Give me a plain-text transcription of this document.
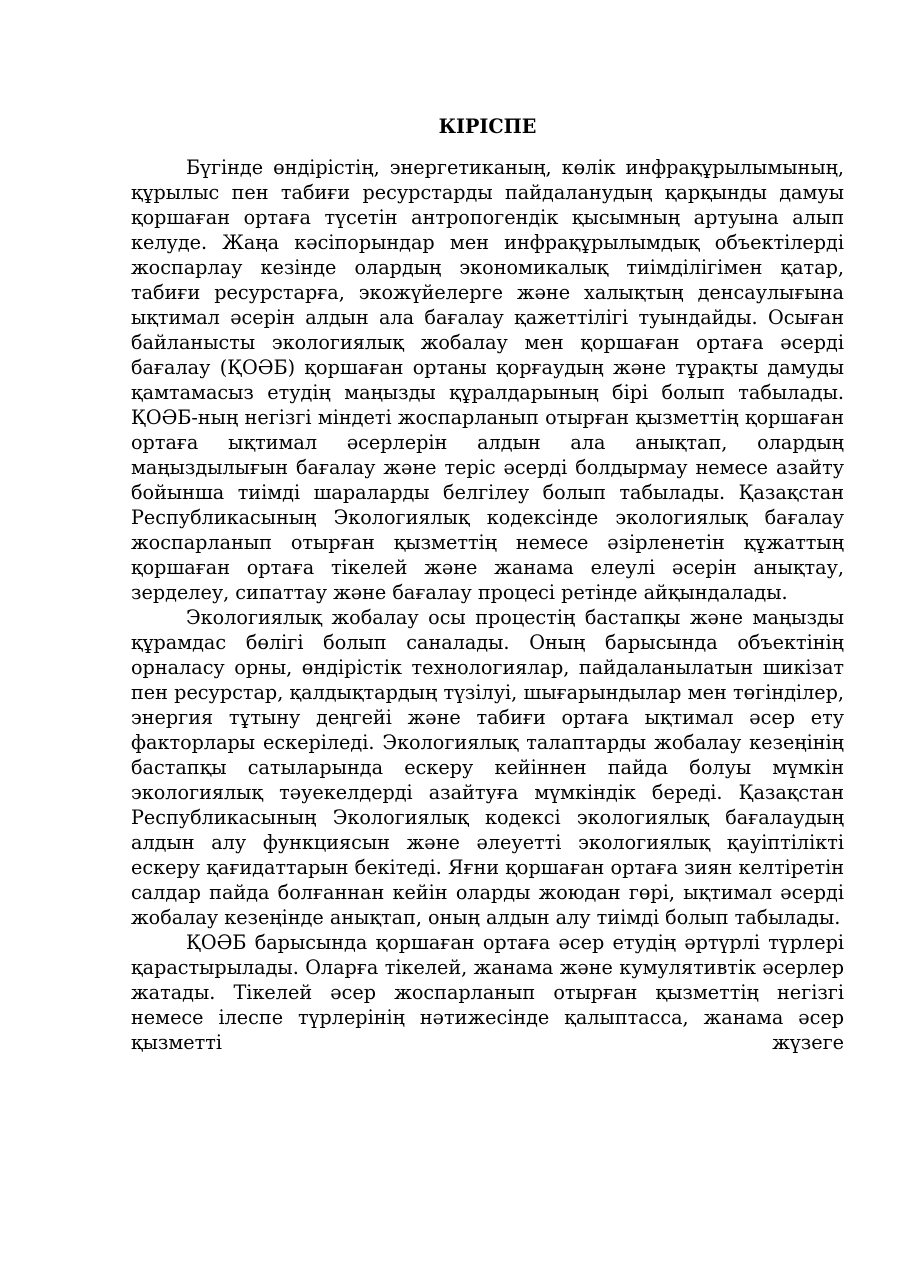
КІРІСПЕ

Бүгінде өндірістің, энергетиканың, көлік инфрақұрылымының, құрылыс пен табиғи ресурстарды пайдаланудың қарқынды дамуы қоршаған ортаға түсетін антропогендік қысымның артуына алып келуде. Жаңа кәсіпорындар мен инфрақұрылымдық объектілерді жоспарлау кезінде олардың экономикалық тиімділігімен қатар, табиғи ресурстарға, экожүйелерге және халықтың денсаулығына ықтимал әсерін алдын ала бағалау қажеттілігі туындайды. Осыған байланысты экологиялық жобалау мен қоршаған ортаға әсерді бағалау (ҚОӘБ) қоршаған ортаны қорғаудың және тұрақты дамуды қамтамасыз етудің маңызды құралдарының бірі болып табылады. ҚОӘБ-ның негізгі міндеті жоспарланып отырған қызметтің қоршаған ортаға ықтимал әсерлерін алдын ала анықтап, олардың маңыздылығын бағалау және теріс әсерді болдырмау немесе азайту бойынша тиімді шараларды белгілеу болып табылады. Қазақстан Республикасының Экологиялық кодексінде экологиялық бағалау жоспарланып отырған қызметтің немесе әзірленетін құжаттың қоршаған ортаға тікелей және жанама елеулі әсерін анықтау, зерделеу, сипаттау және бағалау процесі ретінде айқындалады.

Экологиялық жобалау осы процестің бастапқы және маңызды құрамдас бөлігі болып саналады. Оның барысында объектінің орналасу орны, өндірістік технологиялар, пайдаланылатын шикізат пен ресурстар, қалдықтардың түзілуі, шығарындылар мен төгінділер, энергия тұтыну деңгейі және табиғи ортаға ықтимал әсер ету факторлары ескеріледі. Экологиялық талаптарды жобалау кезеңінің бастапқы сатыларында ескеру кейіннен пайда болуы мүмкін экологиялық тәуекелдерді азайтуға мүмкіндік береді. Қазақстан Республикасының Экологиялық кодексі экологиялық бағалаудың алдын алу функциясын және әлеуетті экологиялық қауіптілікті ескеру қағидаттарын бекітеді. Яғни қоршаған ортаға зиян келтіретін салдар пайда болғаннан кейін оларды жоюдан гөрі, ықтимал әсерді жобалау кезеңінде анықтап, оның алдын алу тиімді болып табылады.

ҚОӘБ барысында қоршаған ортаға әсер етудің әртүрлі түрлері қарастырылады. Оларға тікелей, жанама және кумулятивтік әсерлер жатады. Тікелей әсер жоспарланып отырған қызметтің негізгі немесе ілеспе түрлерінің нәтижесінде қалыптасса, жанама әсер қызметті жүзеге
